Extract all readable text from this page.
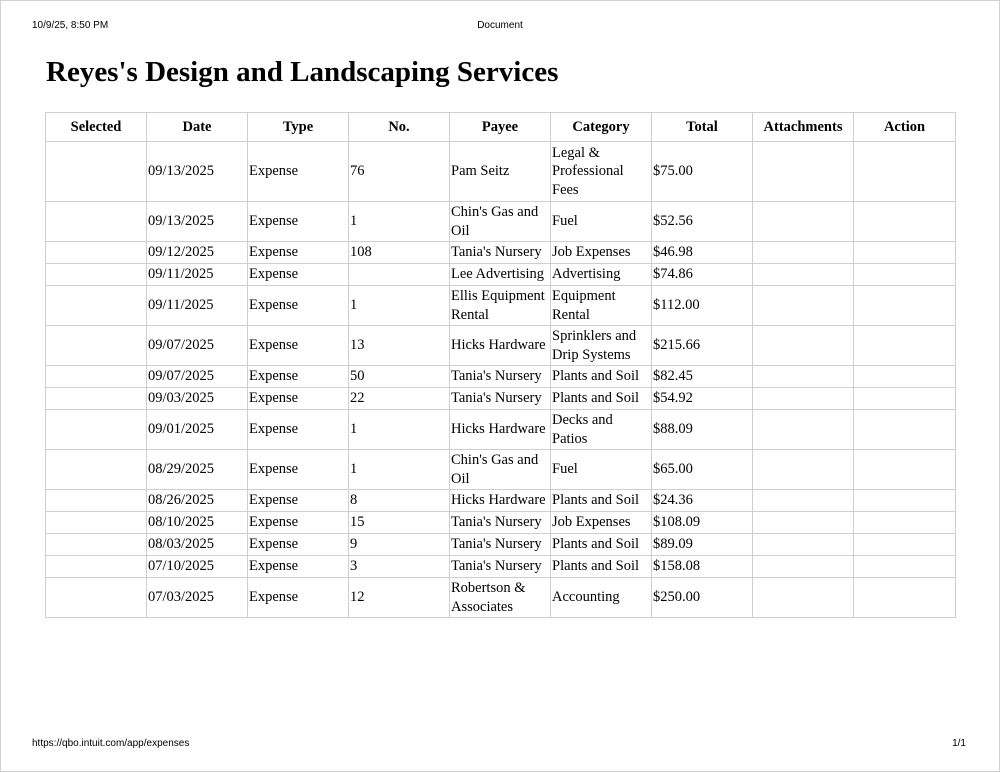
10/9/25, 8:50 PM	Document
Reyes's Design and Landscaping Services
Selected	Date	Type	No.	Payee	Category	Total	Attachments	Action
	09/13/2025	Expense	76	Pam Seitz	Legal & Professional Fees	$75.00		
	09/13/2025	Expense	1	Chin's Gas and Oil	Fuel	$52.56		
	09/12/2025	Expense	108	Tania's Nursery	Job Expenses	$46.98		
	09/11/2025	Expense		Lee Advertising	Advertising	$74.86		
	09/11/2025	Expense	1	Ellis Equipment Rental	Equipment Rental	$112.00		
	09/07/2025	Expense	13	Hicks Hardware	Sprinklers and Drip Systems	$215.66		
	09/07/2025	Expense	50	Tania's Nursery	Plants and Soil	$82.45		
	09/03/2025	Expense	22	Tania's Nursery	Plants and Soil	$54.92		
	09/01/2025	Expense	1	Hicks Hardware	Decks and Patios	$88.09		
	08/29/2025	Expense	1	Chin's Gas and Oil	Fuel	$65.00		
	08/26/2025	Expense	8	Hicks Hardware	Plants and Soil	$24.36		
	08/10/2025	Expense	15	Tania's Nursery	Job Expenses	$108.09		
	08/03/2025	Expense	9	Tania's Nursery	Plants and Soil	$89.09		
	07/10/2025	Expense	3	Tania's Nursery	Plants and Soil	$158.08		
	07/03/2025	Expense	12	Robertson & Associates	Accounting	$250.00		
https://qbo.intuit.com/app/expenses	1/1
